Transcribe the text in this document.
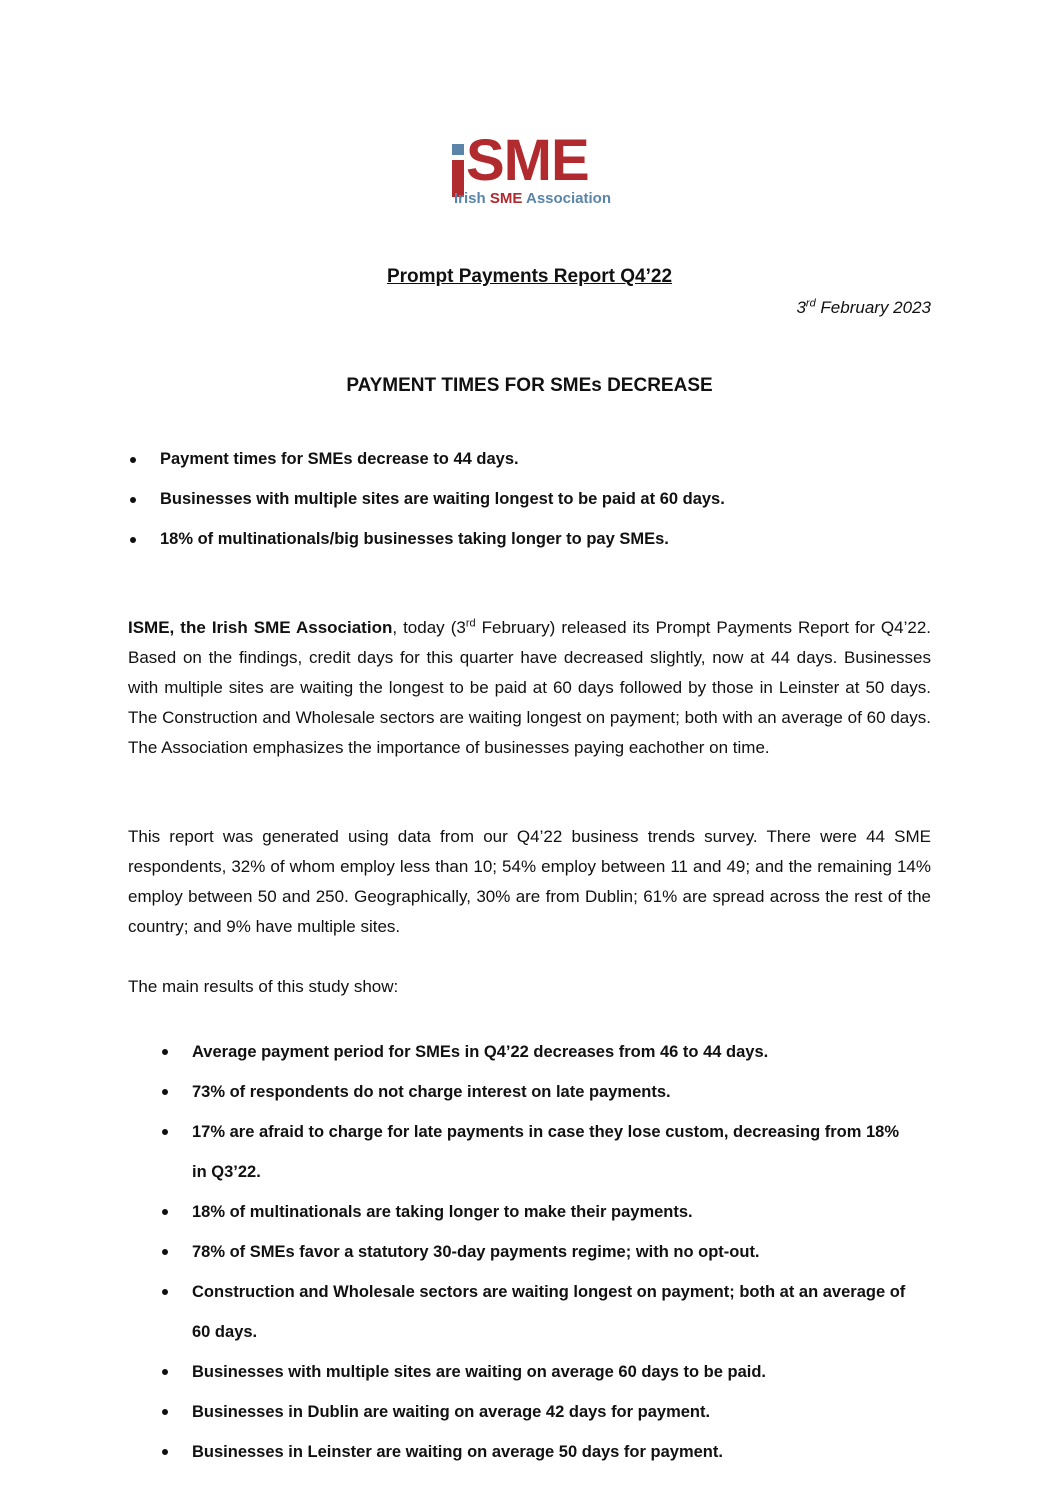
SME
Irish SME Association
Prompt Payments Report Q4’22
3rd February 2023
PAYMENT TIMES FOR SMEs DECREASE
Payment times for SMEs decrease to 44 days.
Businesses with multiple sites are waiting longest to be paid at 60 days.
18% of multinationals/big businesses taking longer to pay SMEs.

ISME, the Irish SME Association, today (3rd February) released its Prompt Payments Report for Q4’22. Based on the findings, credit days for this quarter have decreased slightly, now at 44 days. Businesses with multiple sites are waiting the longest to be paid at 60 days followed by those in Leinster at 50 days. The Construction and Wholesale sectors are waiting longest on payment; both with an average of 60 days. The Association emphasizes the importance of businesses paying eachother on time.

This report was generated using data from our Q4’22 business trends survey. There were 44 SME respondents, 32% of whom employ less than 10; 54% employ between 11 and 49; and the remaining 14% employ between 50 and 250. Geographically, 30% are from Dublin; 61% are spread across the rest of the country; and 9% have multiple sites.

The main results of this study show:

Average payment period for SMEs in Q4’22 decreases from 46 to 44 days.
73% of respondents do not charge interest on late payments.
17% are afraid to charge for late payments in case they lose custom, decreasing from 18% in Q3’22.
18% of multinationals are taking longer to make their payments.
78% of SMEs favor a statutory 30-day payments regime; with no opt-out.
Construction and Wholesale sectors are waiting longest on payment; both at an average of 60 days.
Businesses with multiple sites are waiting on average 60 days to be paid.
Businesses in Dublin are waiting on average 42 days for payment.
Businesses in Leinster are waiting on average 50 days for payment.
